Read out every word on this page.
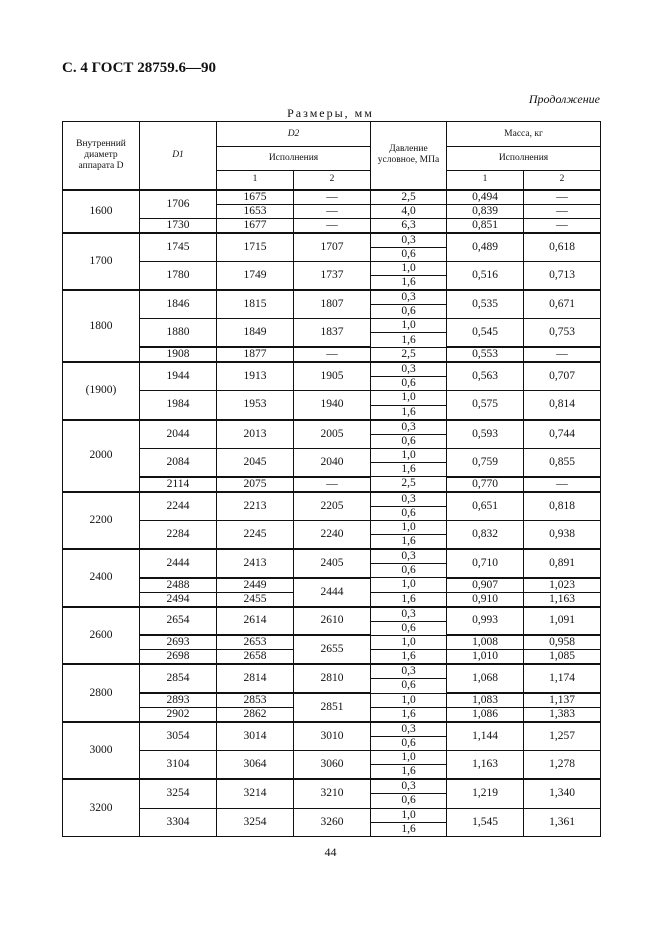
С. 4 ГОСТ 28759.6—90
Продолжение
Размеры, мм
Внутренний диаметр аппарата D	D1	D2		Давление условное, МПа	Масса, кг	
		Исполнения			Исполнения	
		1	2		1	2
1600	1706	1675	—	2,5	0,494	—
		1653	—	4,0	0,839	—
	1730	1677	—	6,3	0,851	—
1700	1745	1715	1707	0,3	0,489	0,618
				0,6		
	1780	1749	1737	1,0	0,516	0,713
				1,6		
1800	1846	1815	1807	0,3	0,535	0,671
				0,6		
	1880	1849	1837	1,0	0,545	0,753
				1,6		
	1908	1877	—	2,5	0,553	—
(1900)	1944	1913	1905	0,3	0,563	0,707
				0,6		
	1984	1953	1940	1,0	0,575	0,814
				1,6		
2000	2044	2013	2005	0,3	0,593	0,744
				0,6		
	2084	2045	2040	1,0	0,759	0,855
				1,6		
	2114	2075	—	2,5	0,770	—
2200	2244	2213	2205	0,3	0,651	0,818
				0,6		
	2284	2245	2240	1,0	0,832	0,938
				1,6		
2400	2444	2413	2405	0,3	0,710	0,891
				0,6		
	2488	2449	2444	1,0	0,907	1,023
	2494	2455		1,6	0,910	1,163
2600	2654	2614	2610	0,3	0,993	1,091
				0,6		
	2693	2653	2655	1,0	1,008	0,958
	2698	2658		1,6	1,010	1,085
2800	2854	2814	2810	0,3	1,068	1,174
				0,6		
	2893	2853	2851	1,0	1,083	1,137
	2902	2862		1,6	1,086	1,383
3000	3054	3014	3010	0,3	1,144	1,257
				0,6		
	3104	3064	3060	1,0	1,163	1,278
				1,6		
3200	3254	3214	3210	0,3	1,219	1,340
				0,6		
	3304	3254	3260	1,0	1,545	1,361
				1,6		
44
